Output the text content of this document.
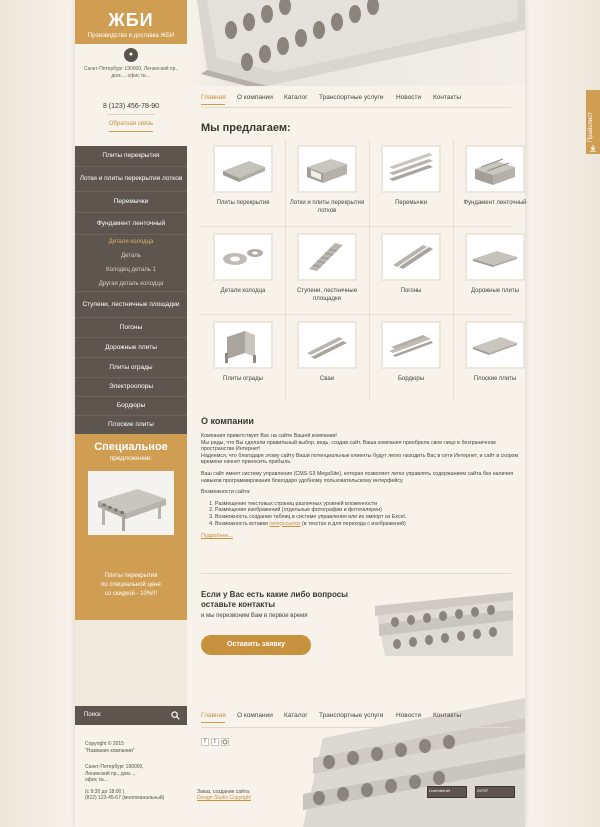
ЖБИ
Производство и доставка ЖБИ
●
Санкт-Петербург 190000, Ленинский пр., дом..., офис №...
8 (123) 456-78-90
Обратная связь
Плиты перекрытия
Лотки и плиты перекрытия лотков
Перемычки
Фундамент ленточный
Детали колодца
Деталь
Колодец деталь 1
Другая деталь колодца
Ступени, лестничные площадки
Погоны
Дорожные плиты
Плиты ограды
Электроопоры
Бордюры
Плоские плиты
Специальное
предложение:
Плиты перекрытия
по специальной цене
со скидкой - 10%!!!
Поиск
Copyright © 2015
"Название компании"
Санкт-Петербург 190000,
Ленинский пр., дом...,
офис №...
(с 9:30 до 18:00 )
(812) 123-45-67 (многоканальный)
Главная О компании Каталог Транспортные услуги Новости Контакты
Мы предлагаем:
Плиты перекрытия	Лотки и плиты перекрытия лотков
Перемычки	Фундамент ленточный
Детали колодца	Ступени, лестничные площадки
Погоны	Дорожные плиты
Плиты ограды	Сваи	Бордюры	Плоские плиты
О компании

Компания приветствует Вас на сайте Вашей компании!
Мы рады, что Вы сделали правильный выбор, ведь, создав сайт, Ваша компания приобрела свое лицо в безграничном пространстве Интернет!
Надеемся, что благодаря этому сайту Ваши потенциальные клиенты будут легко находить Вас в сети Интернет, и сайт в скором времени начнет приносить прибыль.

Ваш сайт имеет систему управления (CMS-S3 MegaSite), которая позволяет легко управлять содержанием сайта без наличия навыков программирования благодаря удобному пользовательскому интерфейсу.

Возможности сайта:

1. Размещение текстовых страниц различных уровней вложенности
2. Размещение изображений (отдельные фотографии и фотогалереи)
3. Возможность создания таблиц в системе управления или их импорт из Excel.
4. Возможность вставки гиперссылок (в текстах и для перехода с изображений)
Подробнее...
Если у Вас есть какие либо вопросы
оставьте контакты
и мы перезвоним Вам в первое время
Оставить заявку
Главная О компании Каталог Транспортные услуги Новости Контакты
f	t
Заказ, создание сайта:
Design Studio Copyright
LiveInternet	29797
Прайслист
